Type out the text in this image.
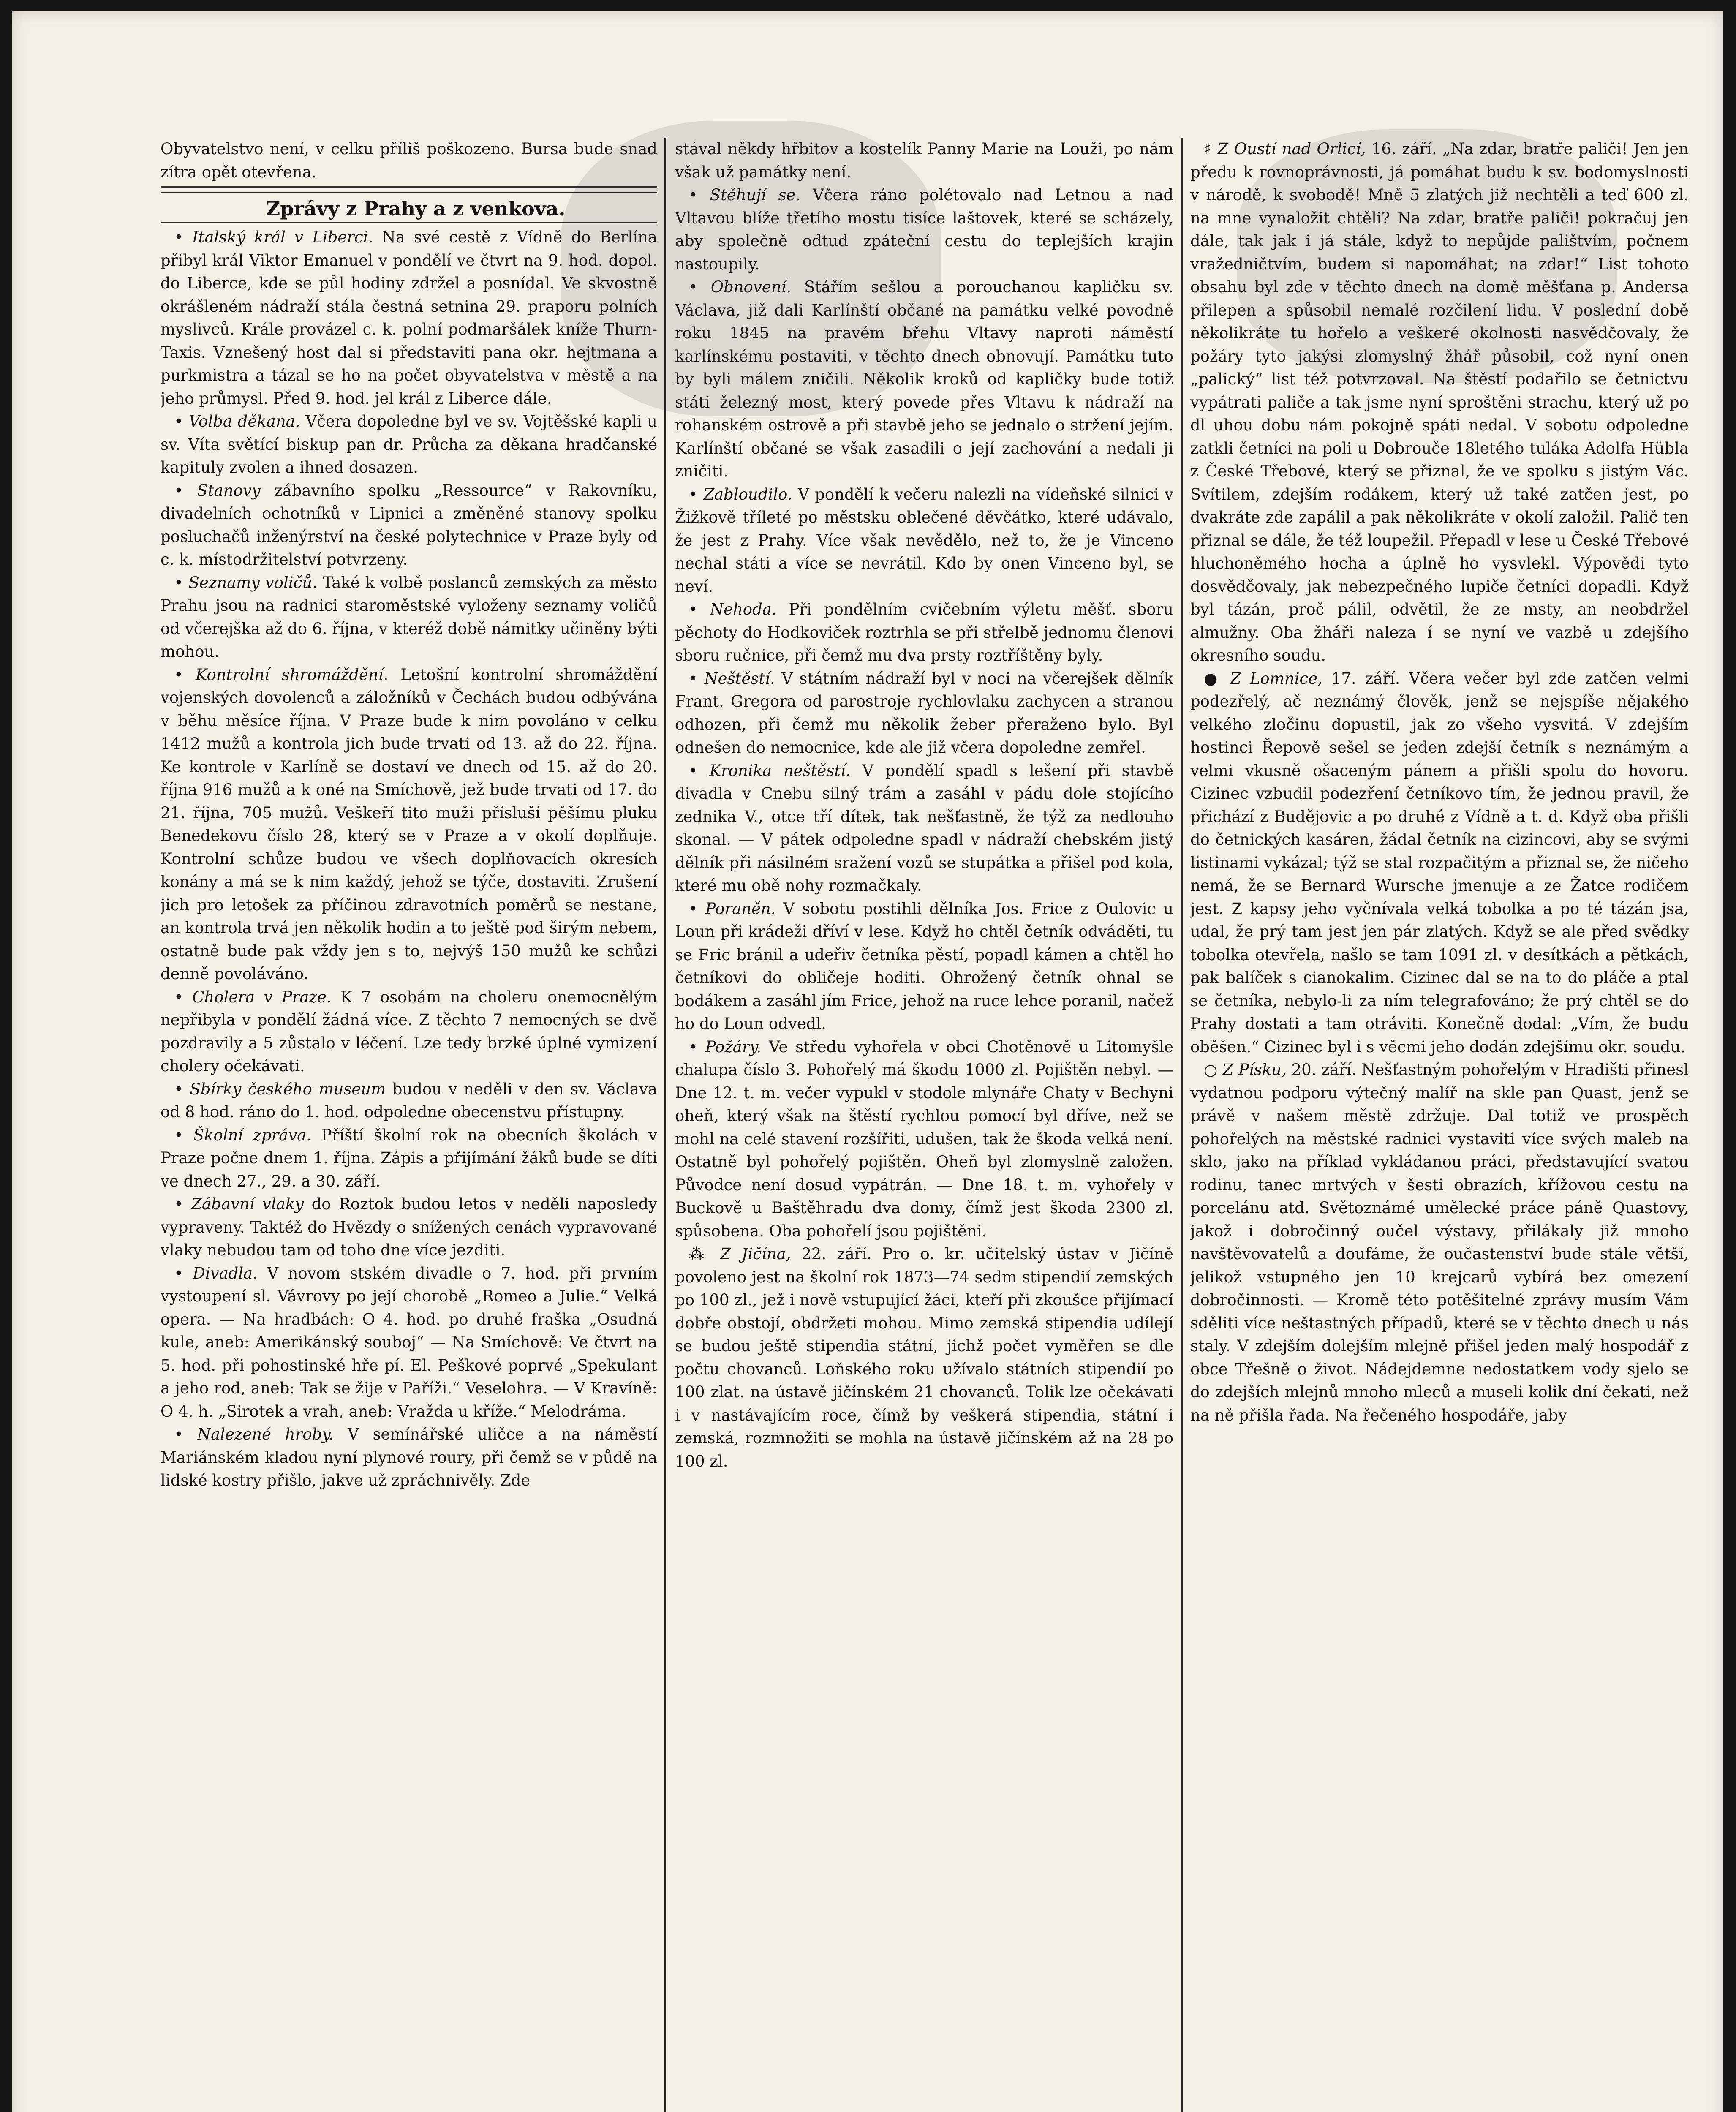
Obyvatelstvo není, v celku příliš poškozeno. Bursa bude snad zítra opět otevřena.

Zprávy z Prahy a z venkova.

• Italský král v Liberci. Na své cestě z Vídně do Berlína přibyl král Viktor Emanuel v pondělí ve čtvrt na 9. hod. dopol. do Liberce, kde se půl hodiny zdržel a posnídal. Ve skvostně okrášleném nádraží stála čestná setnina 29. praporu polních myslivců. Krále provázel c. k. polní podmaršálek kníže Thurn-Taxis. Vznešený host dal si představiti pana okr. hejtmana a purkmistra a tázal se ho na počet obyvatelstva v městě a na jeho průmysl. Před 9. hod. jel král z Liberce dále.

• Volba děkana. Včera dopoledne byl ve sv. Vojtěšské kapli u sv. Víta světící biskup pan dr. Průcha za děkana hradčanské kapituly zvolen a ihned dosazen.

• Stanovy zábavního spolku „Ressource“ v Rakovníku, divadelních ochotníků v Lipnici a změněné stanovy spolku posluchačů inženýrství na české polytechnice v Praze byly od c. k. místodržitelství potvrzeny.

• Seznamy voličů. Také k volbě poslanců zemských za město Prahu jsou na radnici staroměstské vyloženy seznamy voličů od včerejška až do 6. října, v kteréž době námitky učiněny býti mohou.

• Kontrolní shromáždění. Letošní kontrolní shromáždění vojenských dovolenců a záložníků v Čechách budou odbývána v běhu měsíce října. V Praze bude k nim povoláno v celku 1412 mužů a kontrola jich bude trvati od 13. až do 22. října. Ke kontrole v Karlíně se dostaví ve dnech od 15. až do 20. října 916 mužů a k oné na Smíchově, jež bude trvati od 17. do 21. října, 705 mužů. Veškeří tito muži přísluší pěšímu pluku Benedekovu číslo 28, který se v Praze a v okolí doplňuje. Kontrolní schůze budou ve všech doplňovacích okresích konány a má se k nim každý, jehož se týče, dostaviti. Zrušení jich pro letošek za příčinou zdravotních poměrů se nestane, an kontrola trvá jen několik hodin a to ještě pod širým nebem, ostatně bude pak vždy jen s to, nejvýš 150 mužů ke schůzi denně povoláváno.

• Cholera v Praze. K 7 osobám na choleru onemocnělým nepřibyla v pondělí žádná více. Z těchto 7 nemocných se dvě pozdravily a 5 zůstalo v léčení. Lze tedy brzké úplné vymizení cholery očekávati.

• Sbírky českého museum budou v neděli v den sv. Václava od 8 hod. ráno do 1. hod. odpoledne obecenstvu přístupny.

• Školní zpráva. Příští školní rok na obecních školách v Praze počne dnem 1. října. Zápis a přijímání žáků bude se díti ve dnech 27., 29. a 30. září.

• Zábavní vlaky do Roztok budou letos v neděli naposledy vypraveny. Taktéž do Hvězdy o snížených cenách vypravované vlaky nebudou tam od toho dne více jezditi.

• Divadla. V novom stském divadle o 7. hod. při prvním vystoupení sl. Vávrovy po její chorobě „Romeo a Julie.“ Velká opera. — Na hradbách: O 4. hod. po druhé fraška „Osudná kule, aneb: Amerikánský souboj“ — Na Smíchově: Ve čtvrt na 5. hod. při pohostinské hře pí. El. Peškové poprvé „Spekulant a jeho rod, aneb: Tak se žije v Paříži.“ Veselohra. — V Kravíně: O 4. h. „Sirotek a vrah, aneb: Vražda u kříže.“ Melodráma.

• Nalezené hroby. V semínářské uličce a na náměstí Mariánském kladou nyní plynové roury, při čemž se v půdě na lidské kostry přišlo, jakve už zpráchnivěly. Zde

stával někdy hřbitov a kostelík Panny Marie na Louži, po nám však už památky není.

• Stěhují se. Včera ráno polétovalo nad Letnou a nad Vltavou blíže třetího mostu tisíce laštovek, které se scházely, aby společně odtud zpáteční cestu do teplejších krajin nastoupily.

• Obnovení. Stářím sešlou a porouchanou kapličku sv. Václava, již dali Karlínští občané na památku velké povodně roku 1845 na pravém břehu Vltavy naproti náměstí karlínskému postaviti, v těchto dnech obnovují. Památku tuto by byli málem zničili. Několik kroků od kapličky bude totiž státi železný most, který povede přes Vltavu k nádraží na rohanském ostrově a při stavbě jeho se jednalo o stržení jejím. Karlínští občané se však zasadili o její zachování a nedali ji zničiti.

• Zabloudilo. V pondělí k večeru nalezli na vídeňské silnici v Žižkově tříleté po městsku oblečené děvčátko, které udávalo, že jest z Prahy. Více však nevědělo, než to, že je Vinceno nechal státi a více se nevrátil. Kdo by onen Vinceno byl, se neví.

• Nehoda. Při pondělním cvičebním výletu měšť. sboru pěchoty do Hodkoviček roztrhla se při střelbě jednomu členovi sboru ručnice, při čemž mu dva prsty roztříštěny byly.

• Neštěstí. V státním nádraží byl v noci na včerejšek dělník Frant. Gregora od parostroje rychlovlaku zachycen a stranou odhozen, při čemž mu několik žeber přeraženo bylo. Byl odnešen do nemocnice, kde ale již včera dopoledne zemřel.

• Kronika neštěstí. V pondělí spadl s lešení při stavbě divadla v Cnebu silný trám a zasáhl v pádu dole stojícího zednika V., otce tří dítek, tak nešťastně, že týž za nedlouho skonal. — V pátek odpoledne spadl v nádraží chebském jistý dělník při násilném sražení vozů se stupátka a přišel pod kola, které mu obě nohy rozmačkaly.

• Poraněn. V sobotu postihli dělníka Jos. Frice z Oulovic u Loun při krádeži dříví v lese. Když ho chtěl četník odváděti, tu se Fric bránil a udeřiv četníka pěstí, popadl kámen a chtěl ho četníkovi do obličeje hoditi. Ohrožený četník ohnal se bodákem a zasáhl jím Frice, jehož na ruce lehce poranil, načež ho do Loun odvedl.

• Požáry. Ve středu vyhořela v obci Chotěnově u Litomyšle chalupa číslo 3. Pohořelý má škodu 1000 zl. Pojištěn nebyl. — Dne 12. t. m. večer vypukl v stodole mlynáře Chaty v Bechyni oheň, který však na štěstí rychlou pomocí byl dříve, než se mohl na celé stavení rozšířiti, udušen, tak že škoda velká není. Ostatně byl pohořelý pojištěn. Oheň byl zlomyslně založen. Původce není dosud vypátrán. — Dne 18. t. m. vyhořely v Buckově u Baštěhradu dva domy, čímž jest škoda 2300 zl. spůsobena. Oba pohořelí jsou pojištěni.

⁂ Z Jičína, 22. září. Pro o. kr. učitelský ústav v Jičíně povoleno jest na školní rok 1873—74 sedm stipendií zemských po 100 zl., jež i nově vstupující žáci, kteří při zkoušce přijímací dobře obstojí, obdržeti mohou. Mimo zemská stipendia udílejí se budou ještě stipendia státní, jichž počet vyměřen se dle počtu chovanců. Loňského roku užívalo státních stipendií po 100 zlat. na ústavě jičínském 21 chovanců. Tolik lze očekávati i v nastávajícím roce, čímž by veškerá stipendia, státní i zemská, rozmnožiti se mohla na ústavě jičínském až na 28 po 100 zl.

♯ Z Oustí nad Orlicí, 16. září. „Na zdar, bratře paliči! Jen jen předu k rovnoprávnosti, já pomáhat budu k sv. bodomyslnosti v národě, k svobodě! Mně 5 zlatých již nechtěli a teď 600 zl. na mne vynaložit chtěli? Na zdar, bratře paliči! pokračuj jen dále, tak jak i já stále, když to nepůjde palištvím, počnem vražedničtvím, budem si napomáhat; na zdar!“ List tohoto obsahu byl zde v těchto dnech na domě měšťana p. Andersa přilepen a spůsobil nemalé rozčilení lidu. V poslední době několikráte tu hořelo a veškeré okolnosti nasvědčovaly, že požáry tyto jakýsi zlomyslný žhář působil, což nyní onen „palický“ list též potvrzoval. Na štěstí podařilo se četnictvu vypátrati paliče a tak jsme nyní sproštěni strachu, který už po dl uhou dobu nám pokojně spáti nedal. V sobotu odpoledne zatkli četníci na poli u Dobrouče 18letého tuláka Adolfa Hübla z České Třebové, který se přiznal, že ve spolku s jistým Vác. Svítilem, zdejším rodákem, který už také zatčen jest, po dvakráte zde zapálil a pak několikráte v okolí založil. Palič ten přiznal se dále, že též loupežil. Přepadl v lese u České Třebové hluchoněmého hocha a úplně ho vysvlekl. Výpovědi tyto dosvědčovaly, jak nebezpečného lupiče četníci dopadli. Když byl tázán, proč pálil, odvětil, že ze msty, an neobdržel almužny. Oba žháři naleza í se nyní ve vazbě u zdejšího okresního soudu.

● Z Lomnice, 17. září. Včera večer byl zde zatčen velmi podezřelý, ač neznámý člověk, jenž se nejspíše nějakého velkého zločinu dopustil, jak zo všeho vysvitá. V zdejším hostinci Řepově sešel se jeden zdejší četník s neznámým a velmi vkusně ošaceným pánem a přišli spolu do hovoru. Cizinec vzbudil podezření četníkovo tím, že jednou pravil, že přichází z Budějovic a po druhé z Vídně a t. d. Když oba přišli do četnických kasáren, žádal četník na cizincovi, aby se svými listinami vykázal; týž se stal rozpačitým a přiznal se, že ničeho nemá, že se Bernard Wursche jmenuje a ze Žatce rodičem jest. Z kapsy jeho vyčnívala velká tobolka a po té tázán jsa, udal, že prý tam jest jen pár zlatých. Když se ale před svědky tobolka otevřela, našlo se tam 1091 zl. v desítkách a pětkách, pak balíček s cianokalim. Cizinec dal se na to do pláče a ptal se četníka, nebylo-li za ním telegrafováno; že prý chtěl se do Prahy dostati a tam otráviti. Konečně dodal: „Vím, že budu oběšen.“ Cizinec byl i s věcmi jeho dodán zdejšímu okr. soudu.

○ Z Písku, 20. září. Nešťastným pohořelým v Hradišti přinesl vydatnou podporu výtečný malíř na skle pan Quast, jenž se právě v našem městě zdržuje. Dal totiž ve prospěch pohořelých na městské radnici vystaviti více svých maleb na sklo, jako na příklad vykládanou práci, představující svatou rodinu, tanec mrtvých v šesti obrazích, křížovou cestu na porcelánu atd. Světoznámé umělecké práce páně Quastovy, jakož i dobročinný oučel výstavy, přilákaly již mnoho navštěvovatelů a doufáme, že oučastenství bude stále větší, jelikož vstupného jen 10 krejcarů vybírá bez omezení dobročinnosti. — Kromě této potěšitelné zprávy musím Vám sděliti více neštastných případů, které se v těchto dnech u nás staly. V zdejším dolejším mlejně přišel jeden malý hospodář z obce Třešně o život. Nádejdemne nedostatkem vody sjelo se do zdejších mlejnů mnoho mleců a museli kolik dní čekati, než na ně přišla řada. Na řečeného hospodáře, jaby
